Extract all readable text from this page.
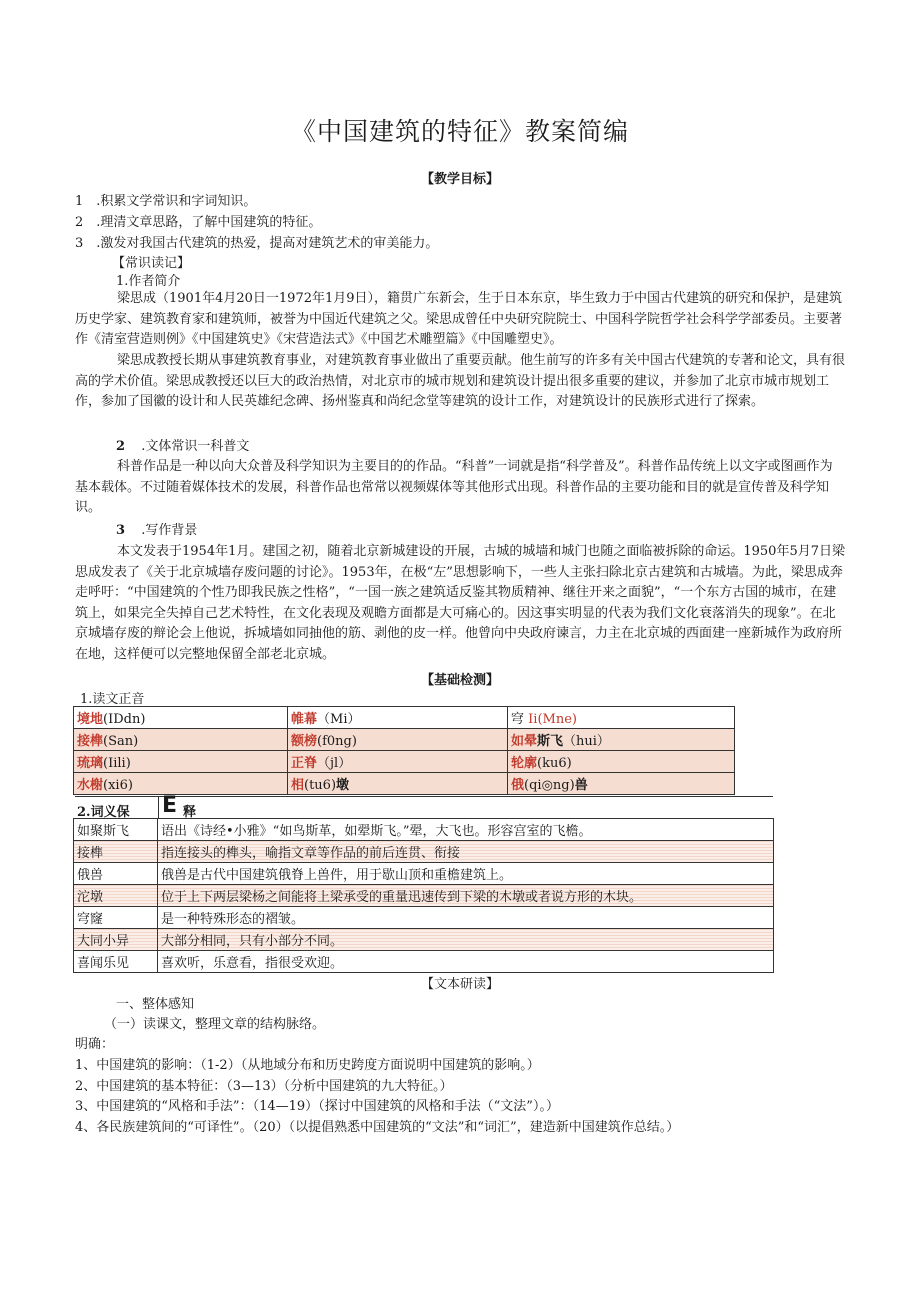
《中国建筑的特征》教案简编
【教学目标】
1　.积累文学常识和字词知识。
2　.理清文章思路，了解中国建筑的特征。
3　.激发对我国古代建筑的热爱，提高对建筑艺术的审美能力。
【常识读记】
1.作者简介
梁思成（1901年4月20日一1972年1月9日），籍贯广东新会，生于日本东京，毕生致力于中国古代建筑的研究和保护，是建筑历史学家、建筑教育家和建筑师，被誉为中国近代建筑之父。梁思成曾任中央研究院院士、中国科学院哲学社会科学学部委员。主要著作《清室营造则例》《中国建筑史》《宋营造法式》《中国艺术雕塑篇》《中国雕塑史》。
梁思成教授长期从事建筑教育事业，对建筑教育事业做出了重要贡献。他生前写的许多有关中国古代建筑的专著和论文，具有很高的学术价值。梁思成教授还以巨大的政治热情，对北京市的城市规划和建筑设计提出很多重要的建议，并参加了北京市城市规划工作，参加了国徽的设计和人民英雄纪念碑、扬州鉴真和尚纪念堂等建筑的设计工作，对建筑设计的民族形式进行了探索。
2 .文体常识一科普文
科普作品是一种以向大众普及科学知识为主要目的的作品。“科普”一词就是指“科学普及”。科普作品传统上以文字或图画作为基本载体。不过随着媒体技术的发展，科普作品也常常以视频媒体等其他形式出现。科普作品的主要功能和目的就是宣传普及科学知识。
3 .写作背景
本文发表于1954年1月。建国之初，随着北京新城建设的开展，古城的城墙和城门也随之面临被拆除的命运。1950年5月7日梁思成发表了《关于北京城墙存废问题的讨论》。1953年，在极“左”思想影响下，一些人主张扫除北京古建筑和古城墙。为此，梁思成奔走呼吁：“中国建筑的个性乃即我民族之性格”，“一国一族之建筑适反鉴其物质精神、继往开来之面貌”，“一个东方古国的城市，在建筑上，如果完全失掉自己艺术特性，在文化表现及观瞻方面都是大可痛心的。因这事实明显的代表为我们文化衰落消失的现象”。在北京城墙存废的辩论会上他说，拆城墙如同抽他的筋、剥他的皮一样。他曾向中央政府谏言，力主在北京城的西面建一座新城作为政府所在地，这样便可以完整地保留全部老北京城。
【基础检测】
1.读文正音
境地(IDdn)	帷幕（Mi）	穹 Ii(Mne)
接榫(San)	额榜(f0ng)	如晕斯飞（hui）
琉璃(Iili)	正脊（jl）	轮廓(ku6)
水榭(xi6)	相(tu6)墩	俄(qi◎ng)兽
2.词义保 E 释
如聚斯飞	语出《诗经•小雅》“如鸟斯革，如翚斯飞。”翚，大飞也。形容宫室的飞檐。
接榫	指连接头的榫头，喻指文章等作品的前后连贯、衔接
俄兽	俄兽是古代中国建筑俄脊上兽件，用于歇山顶和重檐建筑上。
沱墩	位于上下两层梁杨之间能将上梁承受的重量迅速传到下梁的木墩或者说方形的木块。
穹窿	是一种特殊形态的褶皱。
大同小异	大部分相同，只有小部分不同。
喜闻乐见	喜欢听，乐意看，指很受欢迎。
【文本研读】
一、整体感知
（一）读课文，整理文章的结构脉络。
明确：
1、中国建筑的影响：（1-2）（从地域分布和历史跨度方面说明中国建筑的影响。）
2、中国建筑的基本特征：（3—13）（分析中国建筑的九大特征。）
3、中国建筑的“风格和手法”：（14—19）（探讨中国建筑的风格和手法（“文法”）。）
4、各民族建筑间的“可译性”。（20）（以提倡熟悉中国建筑的“文法”和“词汇”，建造新中国建筑作总结。）
